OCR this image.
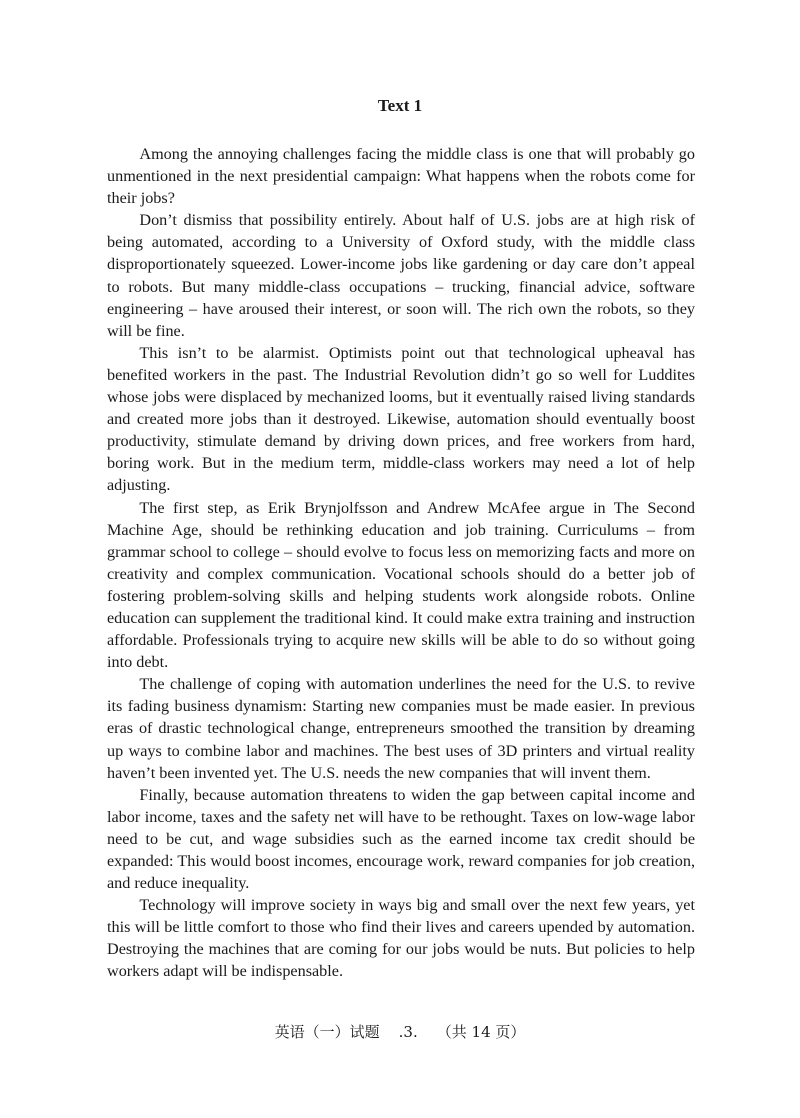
Text 1

Among the annoying challenges facing the middle class is one that will probably go unmentioned in the next presidential campaign: What happens when the robots come for their jobs?

Don’t dismiss that possibility entirely. About half of U.S. jobs are at high risk of being automated, according to a University of Oxford study, with the middle class disproportionately squeezed. Lower-income jobs like gardening or day care don’t appeal to robots. But many middle-class occupations – trucking, financial advice, software engineering – have aroused their interest, or soon will. The rich own the robots, so they will be fine.

This isn’t to be alarmist. Optimists point out that technological upheaval has benefited workers in the past. The Industrial Revolution didn’t go so well for Luddites whose jobs were displaced by mechanized looms, but it eventually raised living standards and created more jobs than it destroyed. Likewise, automation should eventually boost productivity, stimulate demand by driving down prices, and free workers from hard, boring work. But in the medium term, middle-class workers may need a lot of help adjusting.

The first step, as Erik Brynjolfsson and Andrew McAfee argue in The Second Machine Age, should be rethinking education and job training. Curriculums – from grammar school to college – should evolve to focus less on memorizing facts and more on creativity and complex communication. Vocational schools should do a better job of fostering problem-solving skills and helping students work alongside robots. Online education can supplement the traditional kind. It could make extra training and instruction affordable. Professionals trying to acquire new skills will be able to do so without going into debt.

The challenge of coping with automation underlines the need for the U.S. to revive its fading business dynamism: Starting new companies must be made easier. In previous eras of drastic technological change, entrepreneurs smoothed the transition by dreaming up ways to combine labor and machines. The best uses of 3D printers and virtual reality haven’t been invented yet. The U.S. needs the new companies that will invent them.

Finally, because automation threatens to widen the gap between capital income and labor income, taxes and the safety net will have to be rethought. Taxes on low-wage labor need to be cut, and wage subsidies such as the earned income tax credit should be expanded: This would boost incomes, encourage work, reward companies for job creation, and reduce inequality.

Technology will improve society in ways big and small over the next few years, yet this will be little comfort to those who find their lives and careers upended by automation. Destroying the machines that are coming for our jobs would be nuts. But policies to help workers adapt will be indispensable.

英语（一）试题    .3.    （共 14 页）
